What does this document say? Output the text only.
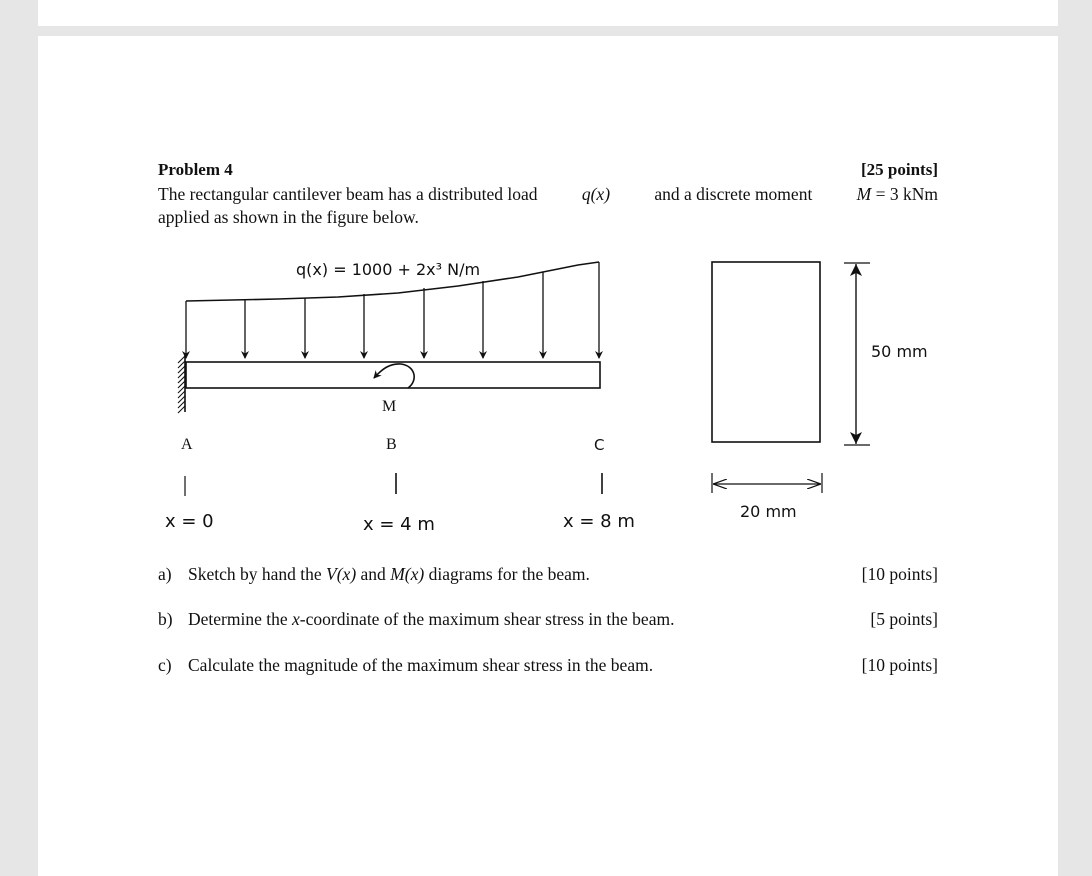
Problem 4	[25 points]
The rectangular cantilever beam has a distributed load	q(x)	and a discrete moment	M = 3 kNm
applied as shown in the figure below.
q(x) = 1000 + 2x³ N/m
M
A	B	C
x = 0	x = 4 m	x = 8 m
50 mm
20 mm
a) Sketch by hand the V(x) and M(x) diagrams for the beam.	[10 points]
b) Determine the x-coordinate of the maximum shear stress in the beam.	[5 points]
c) Calculate the magnitude of the maximum shear stress in the beam.	[10 points]
